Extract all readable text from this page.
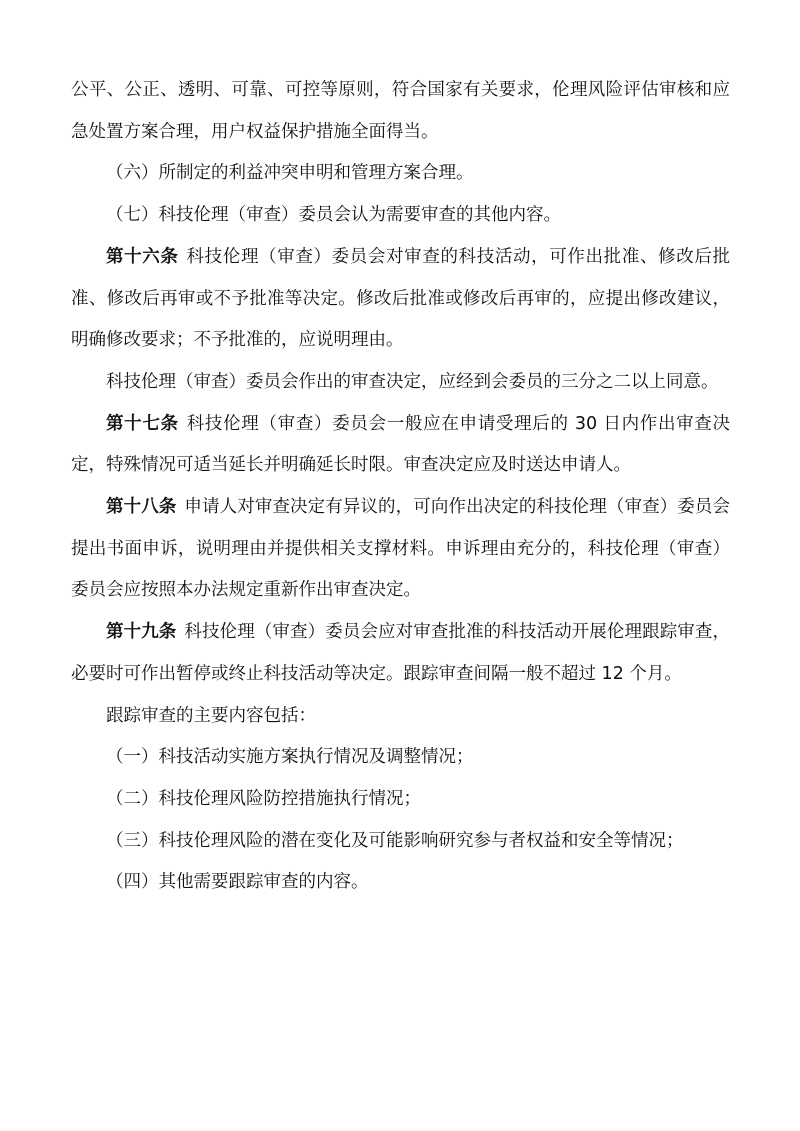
公平、公正、透明、可靠、可控等原则，符合国家有关要求，伦理风险评估审核和应急处置方案合理，用户权益保护措施全面得当。

（六）所制定的利益冲突申明和管理方案合理。

（七）科技伦理（审查）委员会认为需要审查的其他内容。

第十六条 科技伦理（审查）委员会对审查的科技活动，可作出批准、修改后批准、修改后再审或不予批准等决定。修改后批准或修改后再审的，应提出修改建议，明确修改要求；不予批准的，应说明理由。

科技伦理（审查）委员会作出的审查决定，应经到会委员的三分之二以上同意。

第十七条 科技伦理（审查）委员会一般应在申请受理后的 30 日内作出审查决定，特殊情况可适当延长并明确延长时限。审查决定应及时送达申请人。

第十八条 申请人对审查决定有异议的，可向作出决定的科技伦理（审查）委员会提出书面申诉，说明理由并提供相关支撑材料。申诉理由充分的，科技伦理（审查）委员会应按照本办法规定重新作出审查决定。

第十九条 科技伦理（审查）委员会应对审查批准的科技活动开展伦理跟踪审查，必要时可作出暂停或终止科技活动等决定。跟踪审查间隔一般不超过 12 个月。

跟踪审查的主要内容包括：

（一）科技活动实施方案执行情况及调整情况；

（二）科技伦理风险防控措施执行情况；

（三）科技伦理风险的潜在变化及可能影响研究参与者权益和安全等情况；

（四）其他需要跟踪审查的内容。
